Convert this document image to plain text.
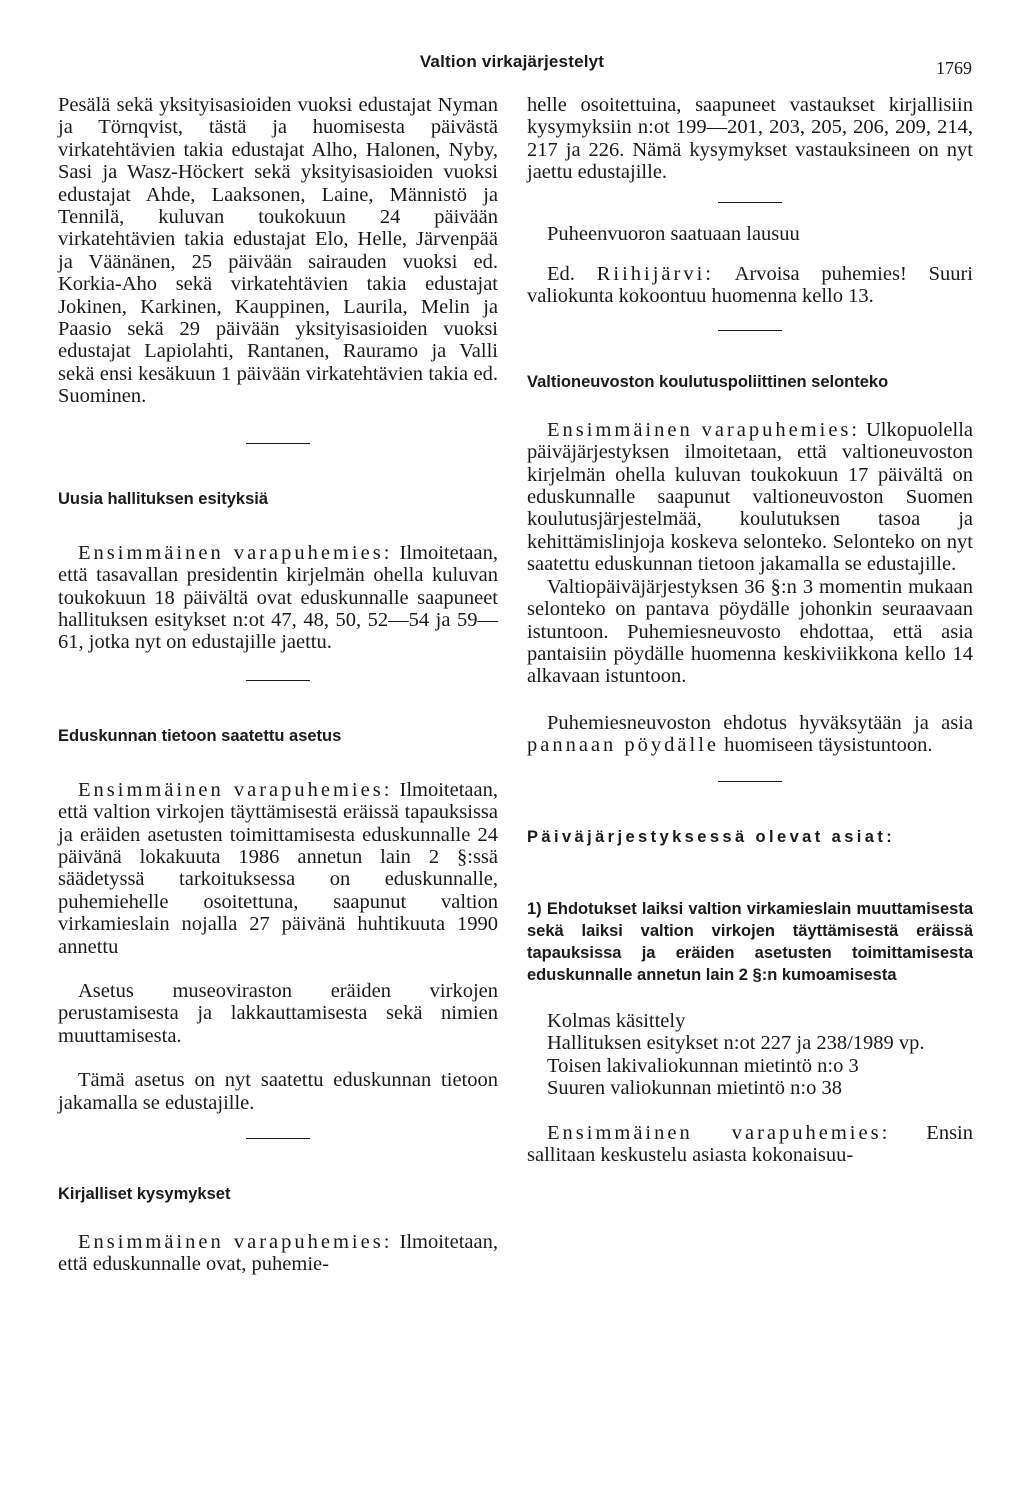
Valtion virkajärjestelyt	1769

Pesälä sekä yksityisasioiden vuoksi edustajat Nyman ja Törnqvist, tästä ja huomisesta päivästä virkatehtävien takia edustajat Alho, Halonen, Nyby, Sasi ja Wasz-Höckert sekä yksityisasioiden vuoksi edustajat Ahde, Laaksonen, Laine, Männistö ja Tennilä, kuluvan toukokuun 24 päivään virkatehtävien takia edustajat Elo, Helle, Järvenpää ja Väänänen, 25 päivään sairauden vuoksi ed. Korkia-Aho sekä virkatehtävien takia edustajat Jokinen, Karkinen, Kauppinen, Laurila, Melin ja Paasio sekä 29 päivään yksityisasioiden vuoksi edustajat Lapiolahti, Rantanen, Rauramo ja Valli sekä ensi kesäkuun 1 päivään virkatehtävien takia ed. Suominen.

Uusia hallituksen esityksiä

Ensimmäinen varapuhemies: Ilmoitetaan, että tasavallan presidentin kirjelmän ohella kuluvan toukokuun 18 päivältä ovat eduskunnalle saapuneet hallituksen esitykset n:ot 47, 48, 50, 52—54 ja 59—61, jotka nyt on edustajille jaettu.

Eduskunnan tietoon saatettu asetus

Ensimmäinen varapuhemies: Ilmoitetaan, että valtion virkojen täyttämisestä eräissä tapauksissa ja eräiden asetusten toimittamisesta eduskunnalle 24 päivänä lokakuuta 1986 annetun lain 2 §:ssä säädetyssä tarkoituksessa on eduskunnalle, puhemiehelle osoitettuna, saapunut valtion virkamieslain nojalla 27 päivänä huhtikuuta 1990 annettu

Asetus museoviraston eräiden virkojen perustamisesta ja lakkauttamisesta sekä nimien muuttamisesta.

Tämä asetus on nyt saatettu eduskunnan tietoon jakamalla se edustajille.

Kirjalliset kysymykset

Ensimmäinen varapuhemies: Ilmoitetaan, että eduskunnalle ovat, puhemie-

helle osoitettuina, saapuneet vastaukset kirjallisiin kysymyksiin n:ot 199—201, 203, 205, 206, 209, 214, 217 ja 226. Nämä kysymykset vastauksineen on nyt jaettu edustajille.

Puheenvuoron saatuaan lausuu

Ed. Riihijärvi: Arvoisa puhemies! Suuri valiokunta kokoontuu huomenna kello 13.

Valtioneuvoston koulutuspoliittinen selonteko

Ensimmäinen varapuhemies: Ulkopuolella päiväjärjestyksen ilmoitetaan, että valtioneuvoston kirjelmän ohella kuluvan toukokuun 17 päivältä on eduskunnalle saapunut valtioneuvoston Suomen koulutusjärjestelmää, koulutuksen tasoa ja kehittämislinjoja koskeva selonteko. Selonteko on nyt saatettu eduskunnan tietoon jakamalla se edustajille.

Valtiopäiväjärjestyksen 36 §:n 3 momentin mukaan selonteko on pantava pöydälle johonkin seuraavaan istuntoon. Puhemiesneuvosto ehdottaa, että asia pantaisiin pöydälle huomenna keskiviikkona kello 14 alkavaan istuntoon.

Puhemiesneuvoston ehdotus hyväksytään ja asia pannaan pöydälle huomiseen täysistuntoon.

Päiväjärjestyksessä olevat asiat:
1) Ehdotukset laiksi valtion virkamieslain muuttamisesta sekä laiksi valtion virkojen täyttämisestä eräissä tapauksissa ja eräiden asetusten toimittamisesta eduskunnalle annetun lain 2 §:n kumoamisesta

Kolmas käsittely

Hallituksen esitykset n:ot 227 ja 238/1989 vp.

Toisen lakivaliokunnan mietintö n:o 3

Suuren valiokunnan mietintö n:o 38

Ensimmäinen varapuhemies: Ensin sallitaan keskustelu asiasta kokonaisuu-
